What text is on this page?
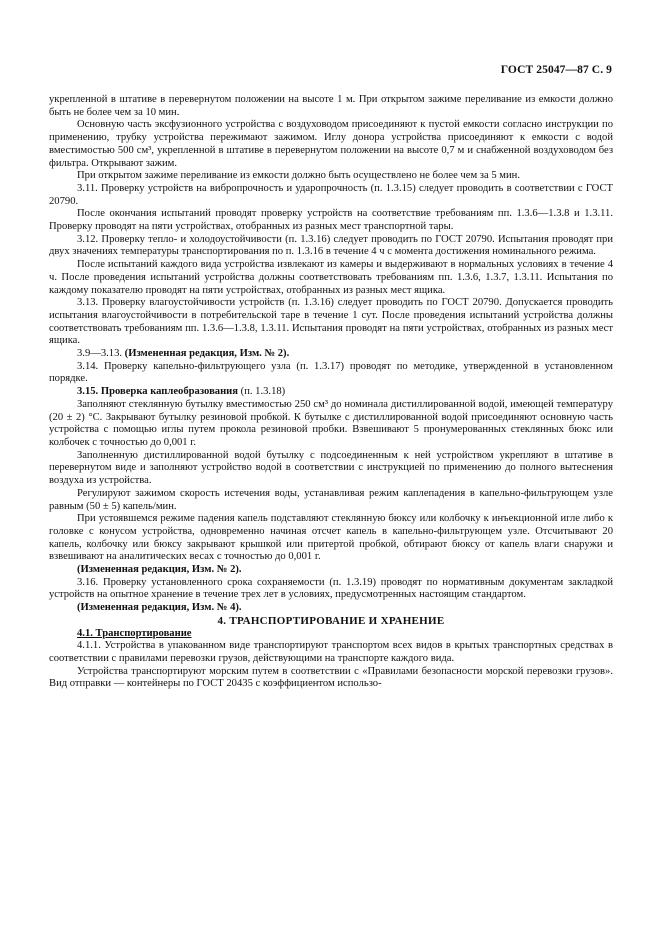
ГОСТ 25047—87 С. 9

укрепленной в штативе в перевернутом положении на высоте 1 м. При открытом зажиме переливание из емкости должно быть не более чем за 10 мин.

Основную часть эксфузионного устройства с воздуховодом присоединяют к пустой емкости согласно инструкции по применению, трубку устройства пережимают зажимом. Иглу донора устройства присоединяют к емкости с водой вместимостью 500 см³, укрепленной в штативе в перевернутом положении на высоте 0,7 м и снабженной воздуховодом без фильтра. Открывают зажим.

При открытом зажиме переливание из емкости должно быть осуществлено не более чем за 5 мин.

3.11. Проверку устройств на вибропрочность и ударопрочность (п. 1.3.15) следует проводить в соответствии с ГОСТ 20790.

После окончания испытаний проводят проверку устройств на соответствие требованиям пп. 1.3.6—1.3.8 и 1.3.11. Проверку проводят на пяти устройствах, отобранных из разных мест транспортной тары.

3.12. Проверку тепло- и холодоустойчивости (п. 1.3.16) следует проводить по ГОСТ 20790. Испытания проводят при двух значениях температуры транспортирования по п. 1.3.16 в течение 4 ч с момента достижения номинального режима.

После испытаний каждого вида устройства извлекают из камеры и выдерживают в нормальных условиях в течение 4 ч. После проведения испытаний устройства должны соответствовать требованиям пп. 1.3.6, 1.3.7, 1.3.11. Испытания по каждому показателю проводят на пяти устройствах, отобранных из разных мест ящика.

3.13. Проверку влагоустойчивости устройств (п. 1.3.16) следует проводить по ГОСТ 20790. Допускается проводить испытания влагоустойчивости в потребительской таре в течение 1 сут. После проведения испытаний устройства должны соответствовать требованиям пп. 1.3.6—1.3.8, 1.3.11. Испытания проводят на пяти устройствах, отобранных из разных мест ящика.

3.9—3.13. (Измененная редакция, Изм. № 2).

3.14. Проверку капельно-фильтрующего узла (п. 1.3.17) проводят по методике, утвержденной в установленном порядке.

3.15. Проверка каплеобразования (п. 1.3.18)

Заполняют стеклянную бутылку вместимостью 250 см³ до номинала дистиллированной водой, имеющей температуру (20 ± 2) °С. Закрывают бутылку резиновой пробкой. К бутылке с дистиллированной водой присоединяют основную часть устройства с помощью иглы путем прокола резиновой пробки. Взвешивают 5 пронумерованных стеклянных бюкс или колбочек с точностью до 0,001 г.

Заполненную дистиллированной водой бутылку с подсоединенным к ней устройством укрепляют в штативе в перевернутом виде и заполняют устройство водой в соответствии с инструкцией по применению до полного вытеснения воздуха из устройства.

Регулируют зажимом скорость истечения воды, устанавливая режим каплепадения в капельно-фильтрующем узле равным (50 ± 5) капель/мин.

При устоявшемся режиме падения капель подставляют стеклянную бюксу или колбочку к инъекционной игле либо к головке с конусом устройства, одновременно начиная отсчет капель в капельно-фильтрующем узле. Отсчитывают 20 капель, колбочку или бюксу закрывают крышкой или притертой пробкой, обтирают бюксу от капель влаги снаружи и взвешивают на аналитических весах с точностью до 0,001 г.

(Измененная редакция, Изм. № 2).

3.16. Проверку установленного срока сохраняемости (п. 1.3.19) проводят по нормативным документам закладкой устройств на опытное хранение в течение трех лет в условиях, предусмотренных настоящим стандартом.

(Измененная редакция, Изм. № 4).

4. ТРАНСПОРТИРОВАНИЕ И ХРАНЕНИЕ

4.1. Транспортирование

4.1.1. Устройства в упакованном виде транспортируют транспортом всех видов в крытых транспортных средствах в соответствии с правилами перевозки грузов, действующими на транспорте каждого вида.

Устройства транспортируют морским путем в соответствии с «Правилами безопасности морской перевозки грузов». Вид отправки — контейнеры по ГОСТ 20435 с коэффициентом использо-
